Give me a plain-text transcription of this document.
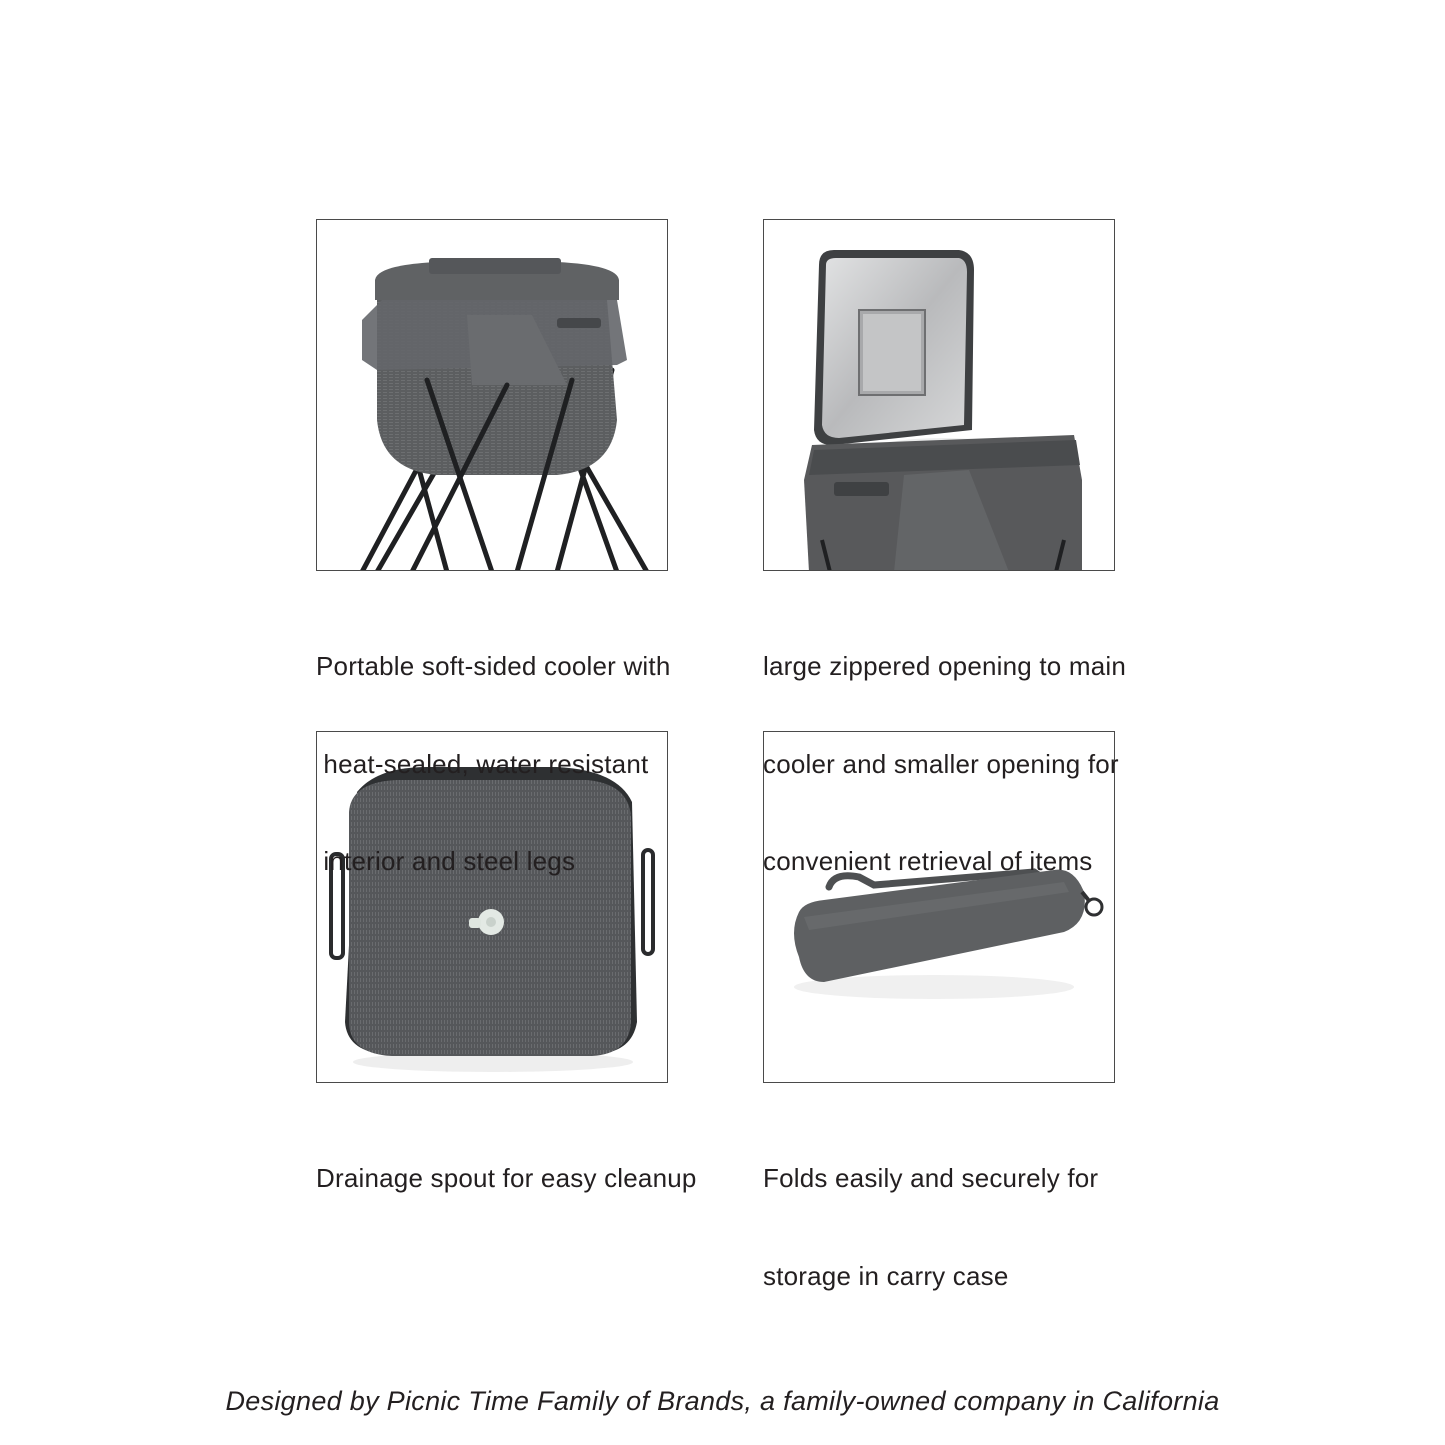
Portable soft-sided cooler with

heat-sealed, water resistant

interior and steel legs

large zippered opening to main

cooler and smaller opening for

convenient retrieval of items

Drainage spout for easy cleanup

	Folds easily and securely for

storage in carry case

Designed by Picnic Time Family of Brands, a family-owned company in California
